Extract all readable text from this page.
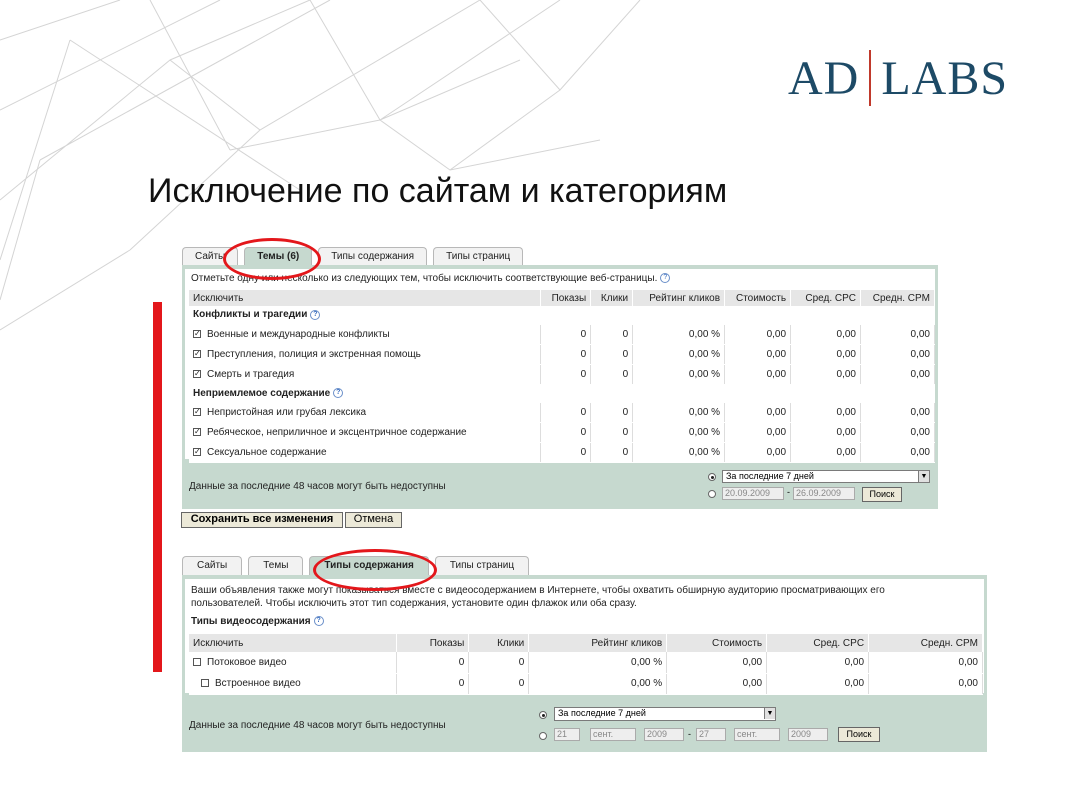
AD LABS
Исключение по сайтам и категориям
Сайты	Темы (6)	Типы содержания	Типы страниц
Отметьте одну или несколько из следующих тем, чтобы исключить соответствующие веб-страницы. ?
Исключить	Показы	Клики	Рейтинг кликов	Стоимость	Сред. CPC	Средн. CPM
Конфликты и трагедии ?						
✓ Военные и международные конфликты	0	0	0,00 %	0,00	0,00	0,00
✓ Преступления, полиция и экстренная помощь	0	0	0,00 %	0,00	0,00	0,00
✓ Смерть и трагедия	0	0	0,00 %	0,00	0,00	0,00
Неприемлемое содержание ?						
✓ Непристойная или грубая лексика	0	0	0,00 %	0,00	0,00	0,00
✓ Ребяческое, неприличное и эксцентричное содержание	0	0	0,00 %	0,00	0,00	0,00
✓ Сексуальное содержание	0	0	0,00 %	0,00	0,00	0,00
Данные за последние 48 часов могут быть недоступны
За последние 7 дней	▼
20.09.2009	- 26.09.2009	Поиск
Сохранить все изменения	Отмена
Сайты	Темы	Типы содержания	Типы страниц
Ваши объявления также могут показываться вместе с видеосодержанием в Интернете, чтобы охватить обширную аудиторию просматривающих его
пользователей. Чтобы исключить этот тип содержания, установите один флажок или оба сразу.
Типы видеосодержания ?
Исключить	Показы	Клики	Рейтинг кликов	Стоимость	Сред. CPC	Средн. CPM
Потоковое видео	0	0	0,00 %	0,00	0,00	0,00
Встроенное видео	0	0	0,00 %	0,00	0,00	0,00
Данные за последние 48 часов могут быть недоступны
За последние 7 дней	▼
21	сент.	2009	- 27	сент.	2009	Поиск
